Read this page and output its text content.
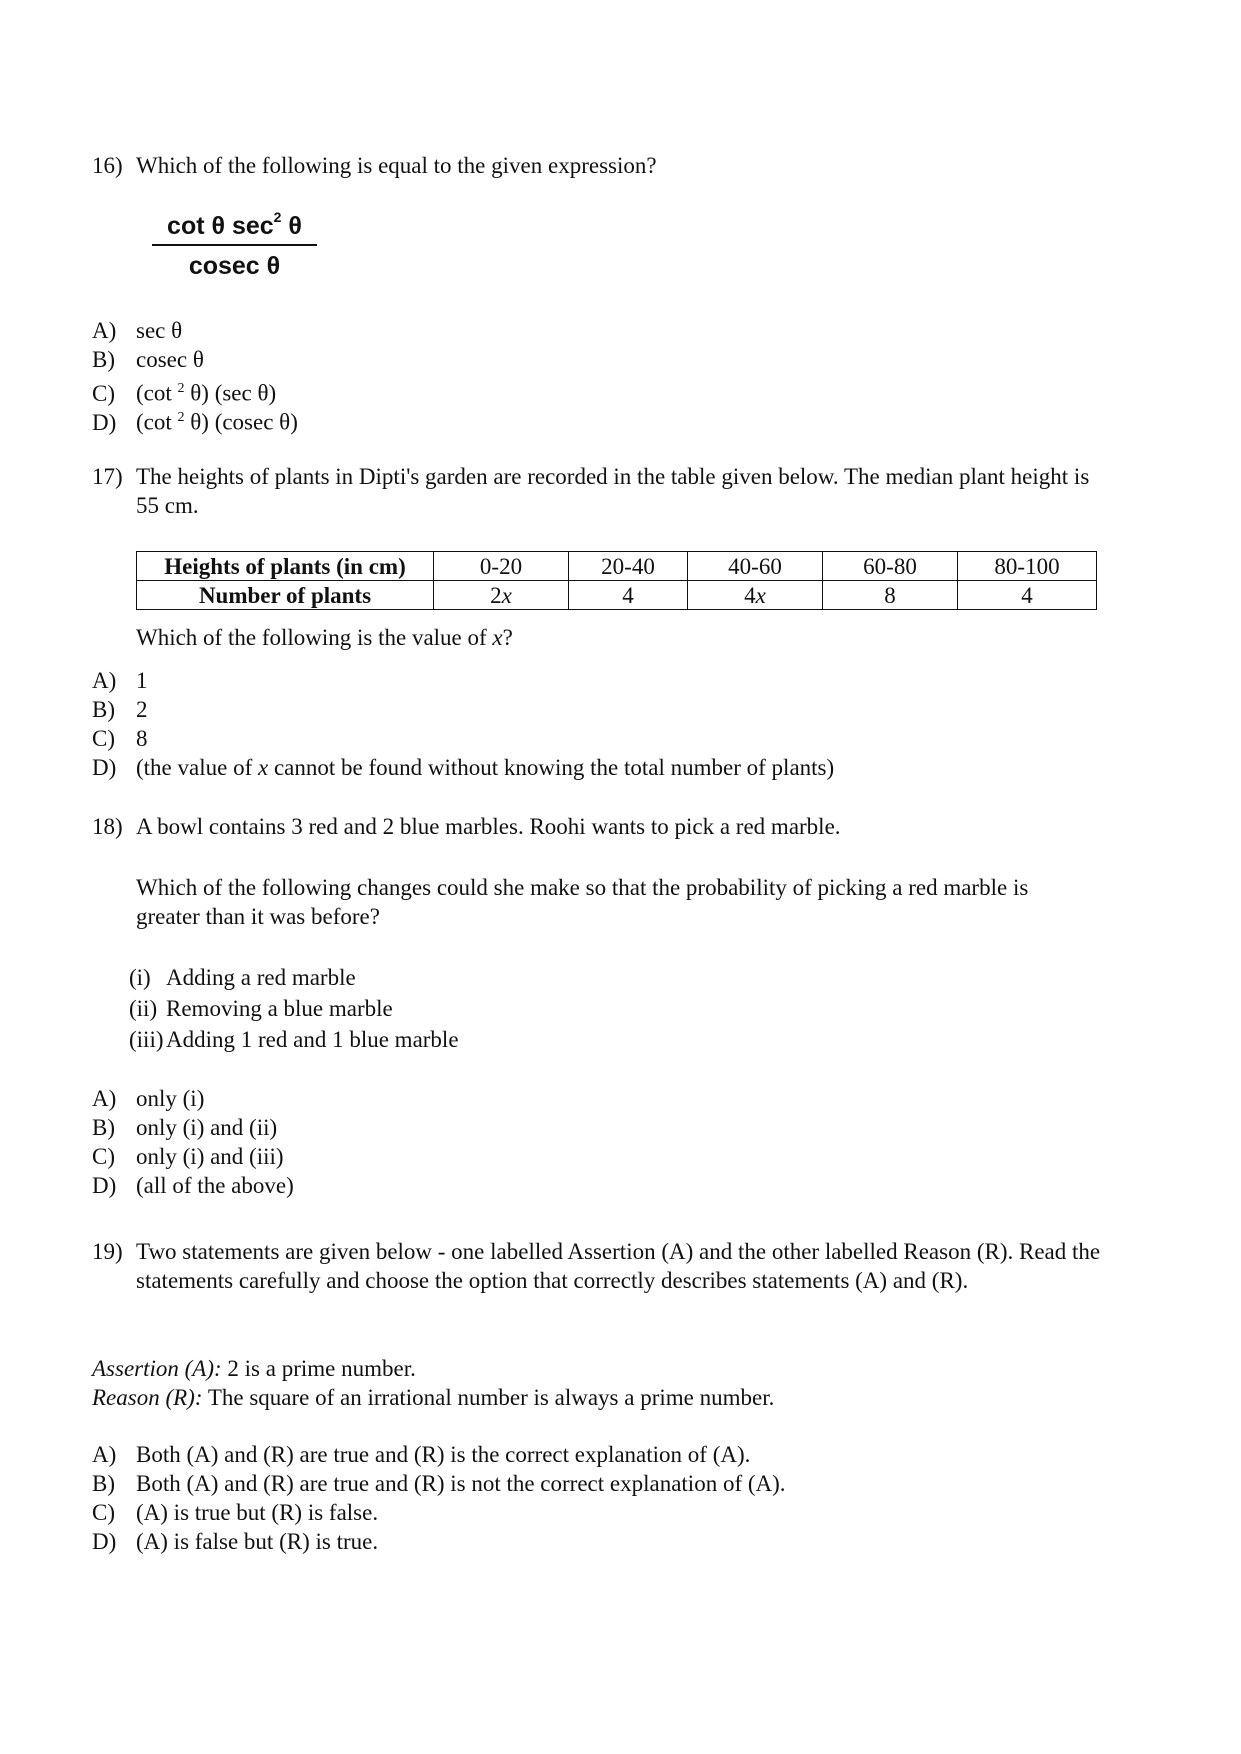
16) Which of the following is equal to the given expression?
cot θ $\sec^2 \theta$
cosec θ
A) sec θ
B) cosec θ
C) (cot $^2$ θ) (sec θ)
D) (cot $^2$ θ) (cosec θ)
17) The heights of plants in Dipti's garden are recorded in the table given below. The median plant height is 55 cm.
Heights of plants (in cm)	0-20	20-40	40-60	60-80	80-100
Number of plants	2x	4	4x	8	4
Which of the following is the value of x?
A) 1
B) 2
C) 8
D) (the value of x cannot be found without knowing the total number of plants)
18) A bowl contains 3 red and 2 blue marbles. Roohi wants to pick a red marble.
Which of the following changes could she make so that the probability of picking a red marble is greater than it was before?
(i) Adding a red marble
(ii) Removing a blue marble
(iii) Adding 1 red and 1 blue marble
A) only (i)
B) only (i) and (ii)
C) only (i) and (iii)
D) (all of the above)
19) Two statements are given below - one labelled Assertion (A) and the other labelled Reason (R). Read the statements carefully and choose the option that correctly describes statements (A) and (R).
Assertion (A): 2 is a prime number.
Reason (R): The square of an irrational number is always a prime number.
A) Both (A) and (R) are true and (R) is the correct explanation of (A).
B) Both (A) and (R) are true and (R) is not the correct explanation of (A).
C) (A) is true but (R) is false.
D) (A) is false but (R) is true.
